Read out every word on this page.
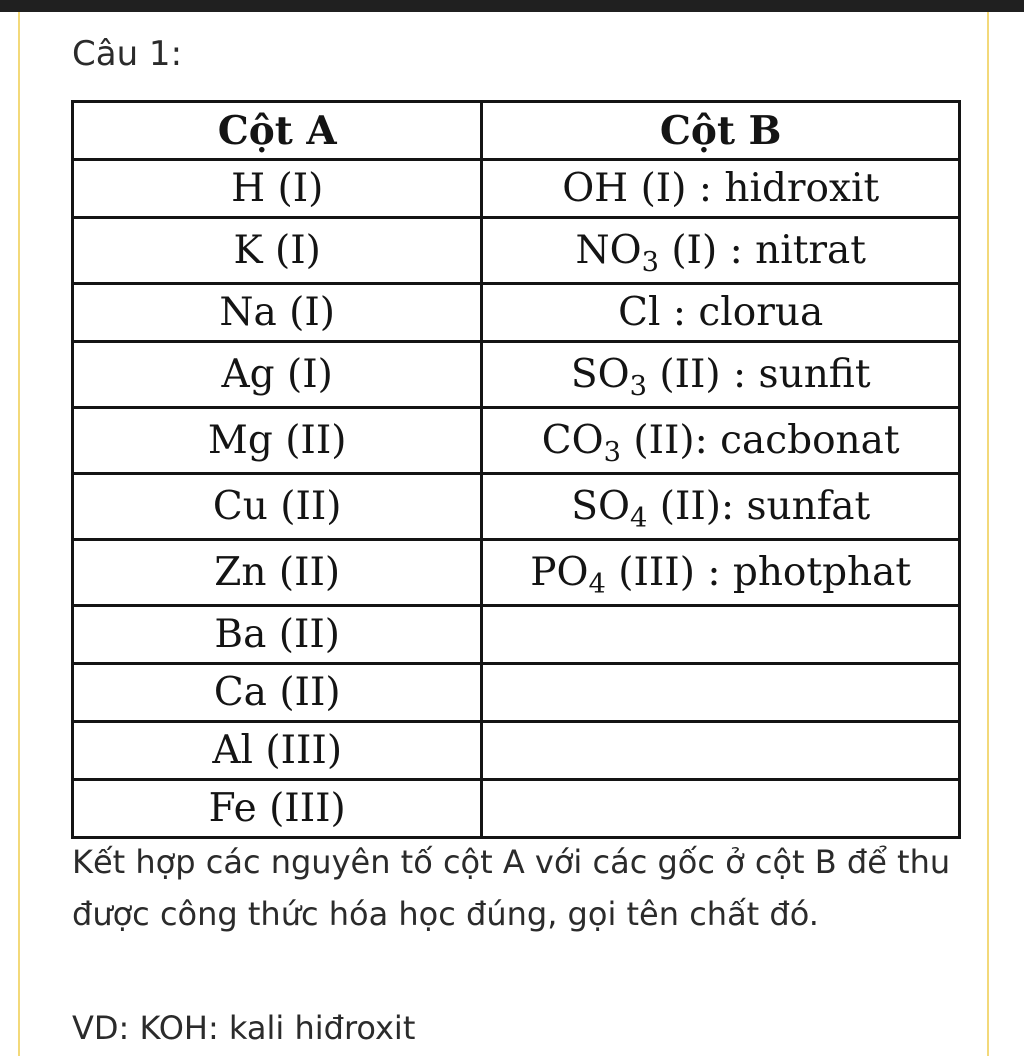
Câu 1:
Cột A	Cột B
H (I)	OH (I) : hidroxit
K (I)	$NO_3$ (I) : nitrat
Na (I)	Cl : clorua
Ag (I)	$SO_3$ (II) : sunfit
Mg (II)	$CO_3$ (II): cacbonat
Cu (II)	$SO_4$ (II): sunfat
Zn (II)	$PO_4$ (III) : photphat
Ba (II)	
Ca (II)	
Al (III)	
Fe (III)	

Kết hợp các nguyên tố cột A với các gốc ở cột B để thu được công thức hóa học đúng, gọi tên chất đó.

VD: KOH: kali hiđroxit
